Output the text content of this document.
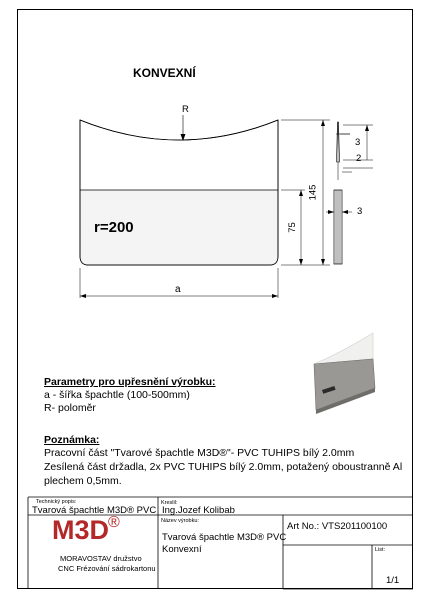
KONVEXNÍ
R
r=200
a
75
145
3
2
3
Parametry pro upřesnění výrobku:
a - šířka špachtle (100-500mm)
R- poloměr
Poznámka:
Pracovní část "Tvarové špachtle M3D®"- PVC TUHIPS bílý 2.0mm
Zesílená část držadla, 2x PVC TUHIPS bílý 2.0mm, potažený oboustranně Al
plechem 0,5mm.
Technický popis:
Tvarová špachtle M3D® PVC
Kreslil:
Ing.Jozef Kolibab
Název výrobku:
Tvarová špachtle M3D® PVC
Konvexní
Art No.: VTS201100100
List:
1/1
M3D
®
MORAVOSTAV družstvo
CNC Frézování sádrokartonu
